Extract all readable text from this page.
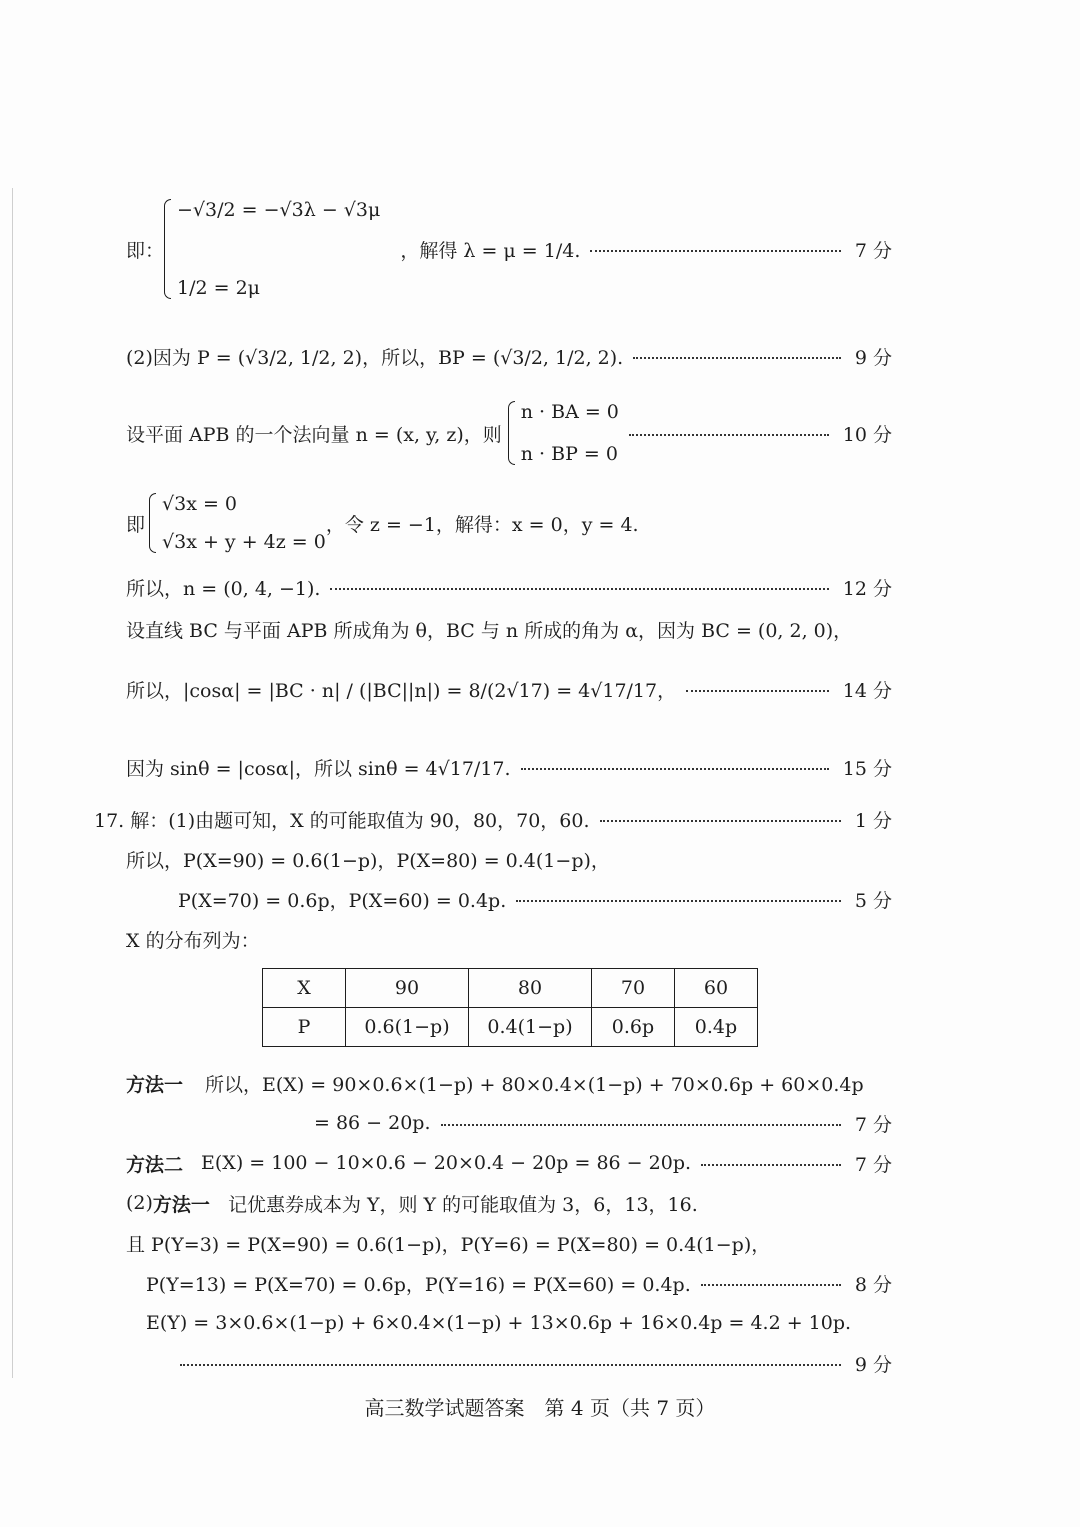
即：
−√3/2 = −√3λ − √3μ
1/2 = 2μ
，解得 λ = μ = 1/4.	7 分
(2)因为 P = (√3/2, 1/2, 2)，所以，BP = (√3/2, 1/2, 2).	9 分
设平面 APB 的一个法向量 n = (x, y, z)，则
n · BA = 0
n · BP = 0
10 分
即
√3x = 0
√3x + y + 4z = 0
，令 z = −1，解得：x = 0，y = 4.
所以，n = (0, 4, −1).	12 分
设直线 BC 与平面 APB 所成角为 θ，BC 与 n 所成的角为 α，因为 BC = (0, 2, 0)，
所以，|cosα| = |BC · n| / (|BC||n|) = 8/(2√17) = 4√17/17，	14 分
因为 sinθ = |cosα|，所以 sinθ = 4√17/17.	15 分
17. 解：(1)由题可知，X 的可能取值为 90，80，70，60.	1 分
所以，P(X=90) = 0.6(1−p)，P(X=80) = 0.4(1−p)，
P(X=70) = 0.6p，P(X=60) = 0.4p.	5 分
X 的分布列为：
X	90	80	70	60
P	0.6(1−p)	0.4(1−p)	0.6p	0.4p
方法一 所以，E(X) = 90×0.6×(1−p) + 80×0.4×(1−p) + 70×0.6p + 60×0.4p
= 86 − 20p.	7 分
方法二 E(X) = 100 − 10×0.6 − 20×0.4 − 20p = 86 − 20p.	7 分
(2) 方法一 记优惠券成本为 Y，则 Y 的可能取值为 3，6，13，16.
且 P(Y=3) = P(X=90) = 0.6(1−p)，P(Y=6) = P(X=80) = 0.4(1−p)，
P(Y=13) = P(X=70) = 0.6p，P(Y=16) = P(X=60) = 0.4p.	8 分
E(Y) = 3×0.6×(1−p) + 6×0.4×(1−p) + 13×0.6p + 16×0.4p = 4.2 + 10p.
9 分
高三数学试题答案　第 4 页（共 7 页）
